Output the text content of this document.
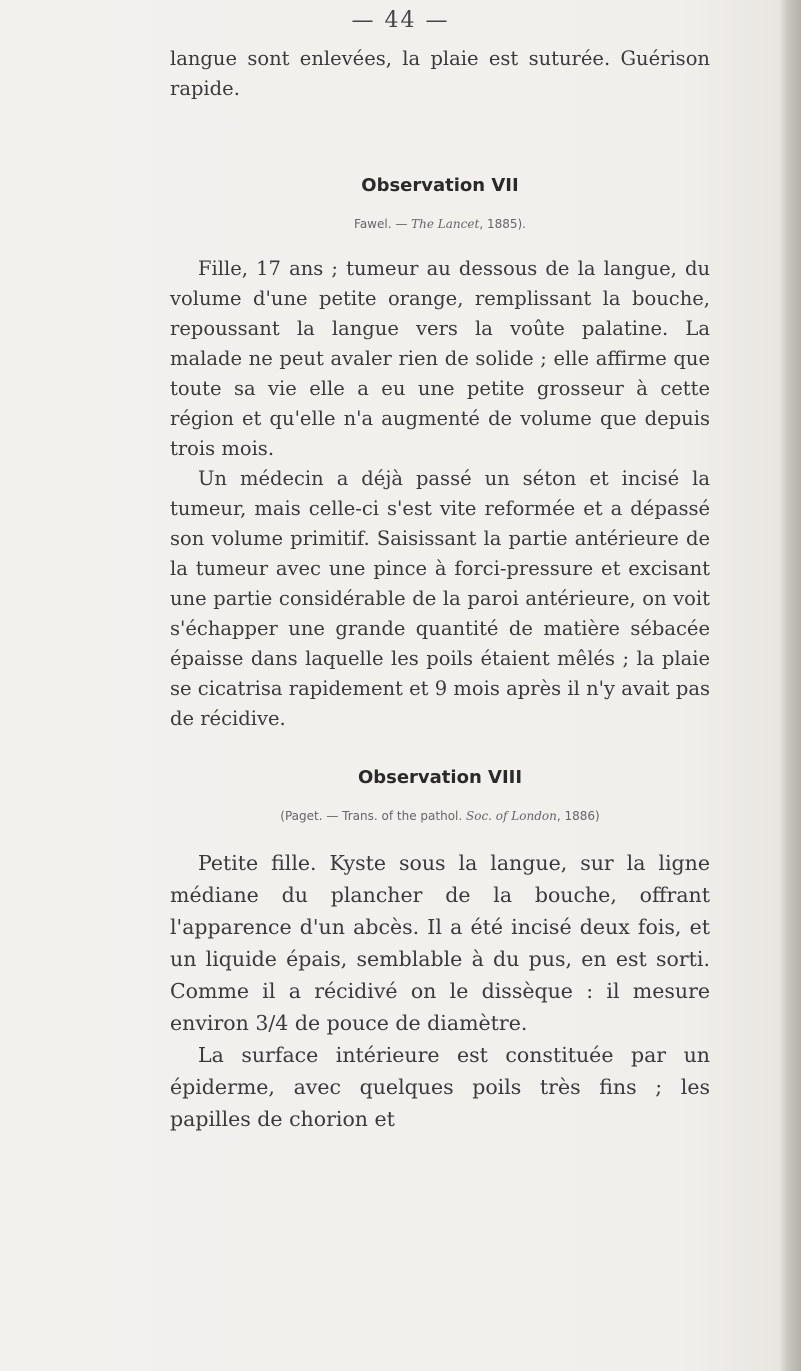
— 44 —

langue sont enlevées, la plaie est suturée. Guérison rapide.

Observation VII
Fawel. — The Lancet, 1885).

Fille, 17 ans ; tumeur au dessous de la langue, du volume d'une petite orange, remplissant la bouche, repoussant la langue vers la voûte palatine. La malade ne peut avaler rien de solide ; elle affirme que toute sa vie elle a eu une petite grosseur à cette région et qu'elle n'a augmenté de volume que depuis trois mois.

Un médecin a déjà passé un séton et incisé la tumeur, mais celle-ci s'est vite reformée et a dépassé son volume primitif. Saisissant la partie antérieure de la tumeur avec une pince à forci-pressure et excisant une partie considérable de la paroi antérieure, on voit s'échapper une grande quantité de matière sébacée épaisse dans laquelle les poils étaient mêlés ; la plaie se cicatrisa rapidement et 9 mois après il n'y avait pas de récidive.

Observation VIII
(Paget. — Trans. of the pathol. Soc. of London, 1886)

Petite fille. Kyste sous la langue, sur la ligne médiane du plancher de la bouche, offrant l'apparence d'un abcès. Il a été incisé deux fois, et un liquide épais, semblable à du pus, en est sorti. Comme il a récidivé on le dissèque : il mesure environ 3/4 de pouce de diamètre.

La surface intérieure est constituée par un épiderme, avec quelques poils très fins ; les papilles de chorion et
